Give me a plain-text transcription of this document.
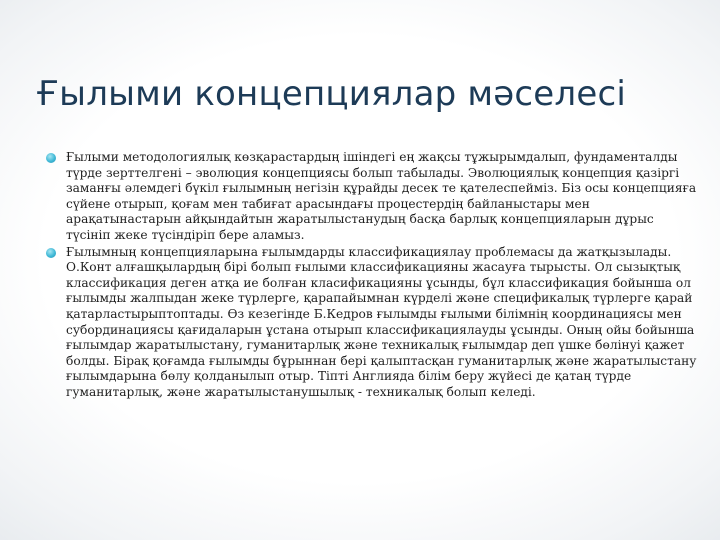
Ғылыми концепциялар мәселесі
Ғылыми методологиялық көзқарастардың ішіндегі ең жақсы тұжырымдалып, фундаменталды түрде зерттелгені – эволюция концепциясы болып табылады. Эволюциялық концепция қазіргі заманғы әлемдегі бүкіл ғылымның негізін құрайды десек те қателеспейміз. Біз осы концепцияға сүйене отырып, қоғам мен табиғат арасындағы процестердің байланыстары мен арақатынастарын айқындайтын жаратылыстанудың басқа барлық концепцияларын дұрыс түсініп жеке түсіндіріп бере аламыз.
Ғылымның концепцияларына ғылымдарды классификациялау проблемасы да жатқызылады. О.Конт алғашқылардың бірі болып ғылыми классификацияны жасауға тырысты. Ол сызықтық классификация деген атқа ие болған класификацияны ұсынды, бұл классификация бойынша ол ғылымды жалпыдан жеке түрлерге, қарапайымнан күрделі және спецификалық түрлерге қарай қатарластырыптоптады. Өз кезегінде Б.Кедров ғылымды ғылыми білімнің координациясы мен субординациясы қағидаларын ұстана отырып классификациялауды ұсынды. Оның ойы бойынша ғылымдар жаратылыстану, гуманитарлық және техникалық ғылымдар деп үшке бөлінуі қажет болды. Бірақ қоғамда ғылымды бұрыннан бері қалыптасқан гуманитарлық және жаратылыстану ғылымдарына бөлу қолданылып отыр. Тіпті Англияда білім беру жүйесі де қатаң түрде гуманитарлық, және жаратылыстанушылық - техникалық болып келеді.
